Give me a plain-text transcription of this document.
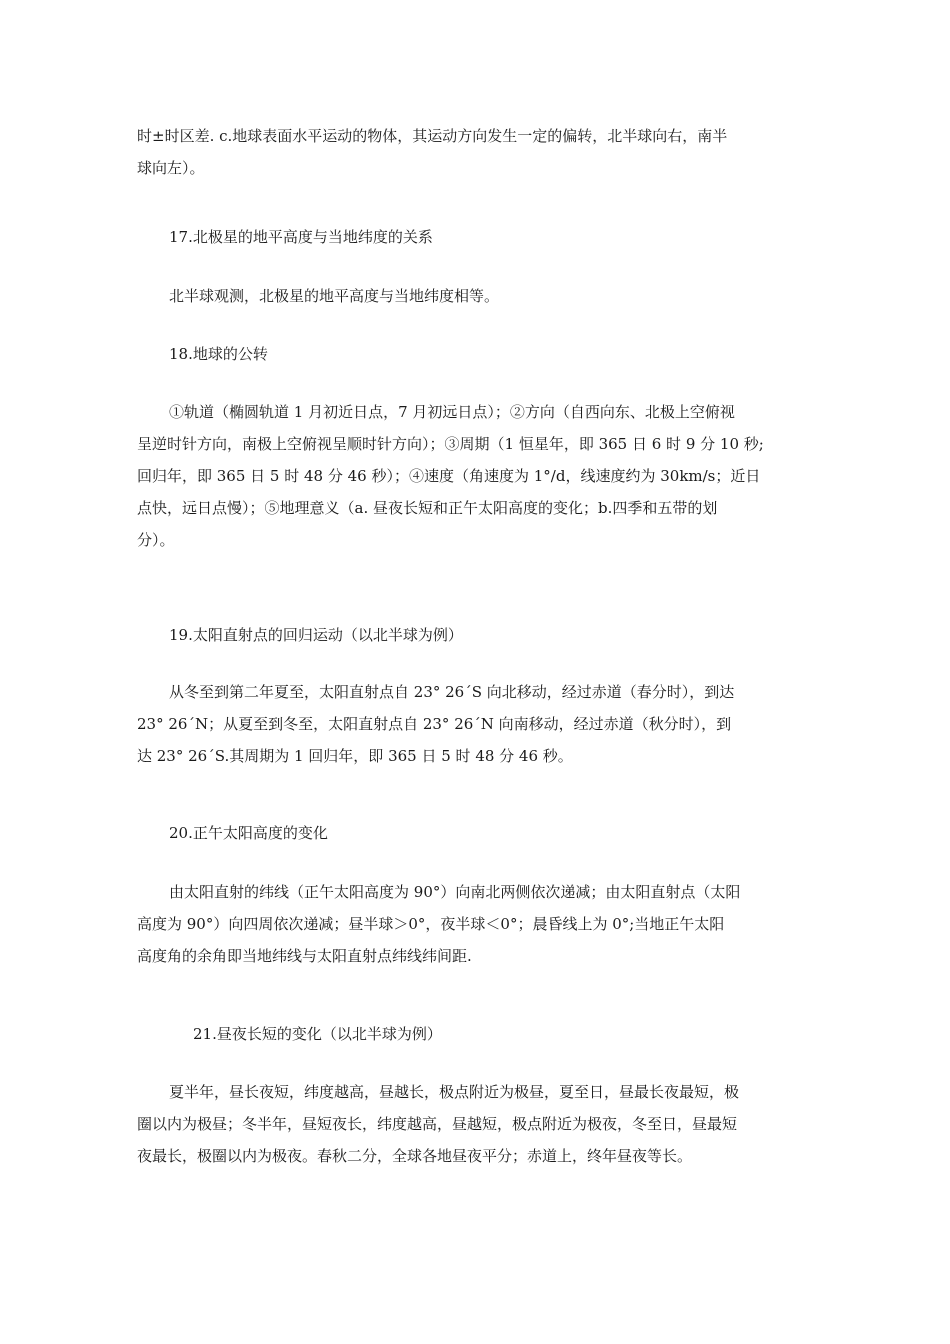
时±时区差. c.地球表面水平运动的物体，其运动方向发生一定的偏转，北半球向右，南半
球向左）。

17.北极星的地平高度与当地纬度的关系

北半球观测，北极星的地平高度与当地纬度相等。

18.地球的公转

①轨道（椭圆轨道 1 月初近日点，7 月初远日点）；②方向（自西向东、北极上空俯视
呈逆时针方向，南极上空俯视呈顺时针方向）；③周期（1 恒星年，即 365 日 6 时 9 分 10 秒;
回归年，即 365 日 5 时 48 分 46 秒）；④速度（角速度为 1°/d，线速度约为 30km/s；近日
点快，远日点慢）；⑤地理意义（a. 昼夜长短和正午太阳高度的变化；b.四季和五带的划
分）。

19.太阳直射点的回归运动（以北半球为例）

从冬至到第二年夏至，太阳直射点自 23° 26´S 向北移动，经过赤道（春分时），到达
23° 26´N；从夏至到冬至，太阳直射点自 23° 26´N 向南移动，经过赤道（秋分时），到
达 23° 26´S.其周期为 1 回归年，即 365 日 5 时 48 分 46 秒。

20.正午太阳高度的变化

由太阳直射的纬线（正午太阳高度为 90°）向南北两侧依次递减；由太阳直射点（太阳
高度为 90°）向四周依次递减；昼半球＞0°，夜半球＜0°；晨昏线上为 0°;当地正午太阳
高度角的余角即当地纬线与太阳直射点纬线纬间距.

21.昼夜长短的变化（以北半球为例）

夏半年，昼长夜短，纬度越高，昼越长，极点附近为极昼，夏至日，昼最长夜最短，极
圈以内为极昼；冬半年，昼短夜长，纬度越高，昼越短，极点附近为极夜，冬至日，昼最短
夜最长，极圈以内为极夜。春秋二分，全球各地昼夜平分；赤道上，终年昼夜等长。
